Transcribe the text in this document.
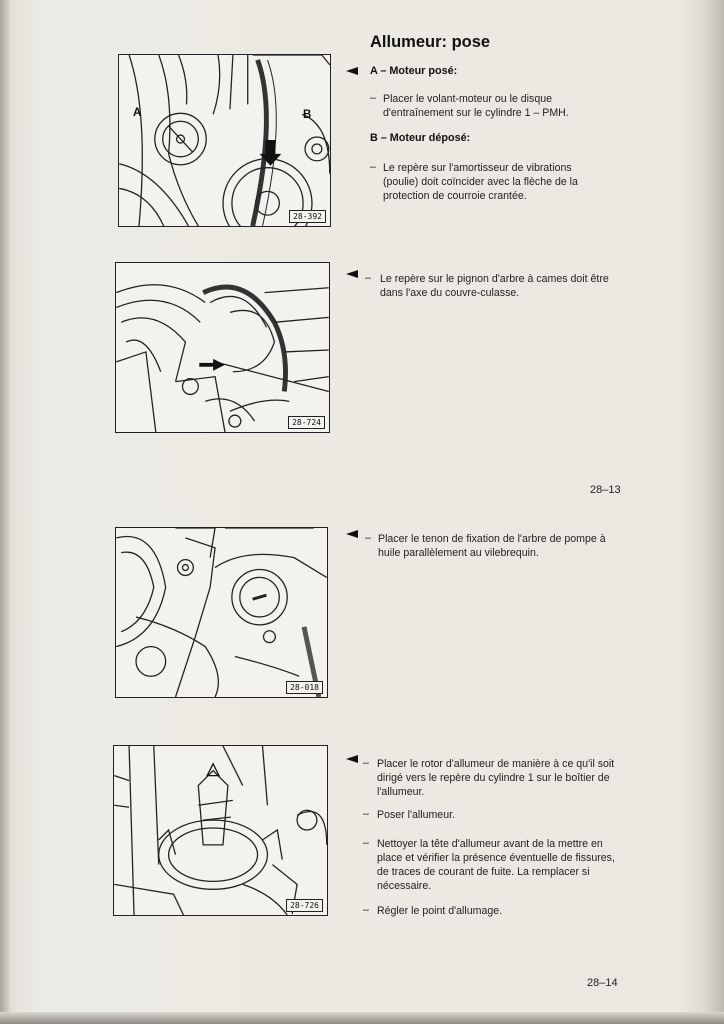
Allumeur: pose
A	B
28-392
A – Moteur posé:
– Placer le volant-moteur ou le disque d'entraînement sur le cylindre 1 – PMH.
B – Moteur déposé:
– Le repère sur l'amortisseur de vibrations (poulie) doit coïncider avec la flèche de la protection de courroie crantée.
28-724
– Le repère sur le pignon d'arbre à cames doit être dans l'axe du couvre-culasse.
28–13
28-018
– Placer le tenon de fixation de l'arbre de pompe à huile parallèlement au vilebrequin.
28-726
– Placer le rotor d'allumeur de manière à ce qu'il soit dirigé vers le repère du cylindre 1 sur le boîtier de l'allumeur.
– Poser l'allumeur.
– Nettoyer la tête d'allumeur avant de la mettre en place et vérifier la présence éventuelle de fissures, de traces de courant de fuite. La remplacer si nécessaire.
– Régler le point d'allumage.
28–14
